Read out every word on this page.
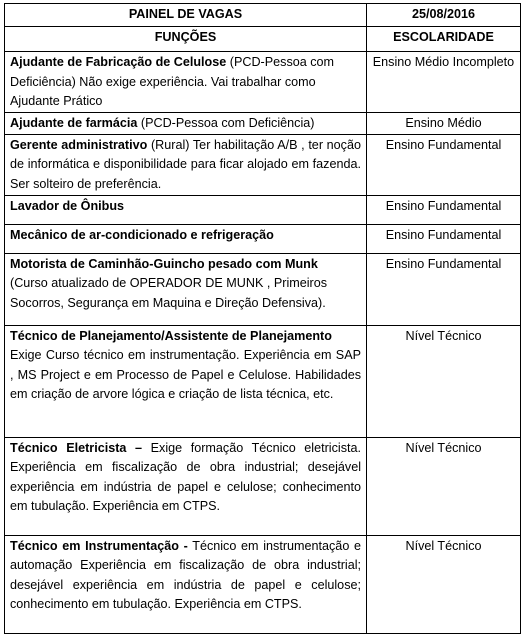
PAINEL DE VAGAS	25/08/2016
FUNÇÕES	ESCOLARIDADE
Ajudante de Fabricação de Celulose (PCD-Pessoa com Deficiência) Não exige experiência. Vai trabalhar como Ajudante Prático	Ensino Médio Incompleto
Ajudante de farmácia (PCD-Pessoa com Deficiência)	Ensino Médio
Gerente administrativo (Rural) Ter habilitação A/B , ter noção de informática e disponibilidade para ficar alojado em fazenda. Ser solteiro de preferência.	Ensino Fundamental
Lavador de Ônibus	Ensino Fundamental
Mecânico de ar-condicionado e refrigeração	Ensino Fundamental

Motorista de Caminhão-Guincho pesado com Munk
(Curso atualizado de OPERADOR DE MUNK , Primeiros Socorros, Segurança em Maquina e Direção Defensiva).	Ensino Fundamental

Técnico de Planejamento/Assistente de Planejamento
Exige Curso técnico em instrumentação. Experiência em SAP , MS Project e em Processo de Papel e Celulose. Habilidades em criação de arvore lógica e criação de lista técnica, etc.	Nível Técnico
Técnico Eletricista – Exige formação Técnico eletricista. Experiência em fiscalização de obra industrial; desejável experiência em indústria de papel e celulose; conhecimento em tubulação. Experiência em CTPS.	Nível Técnico
Técnico em Instrumentação - Técnico em instrumentação e automação Experiência em fiscalização de obra industrial; desejável experiência em indústria de papel e celulose; conhecimento em tubulação. Experiência em CTPS.	Nível Técnico
